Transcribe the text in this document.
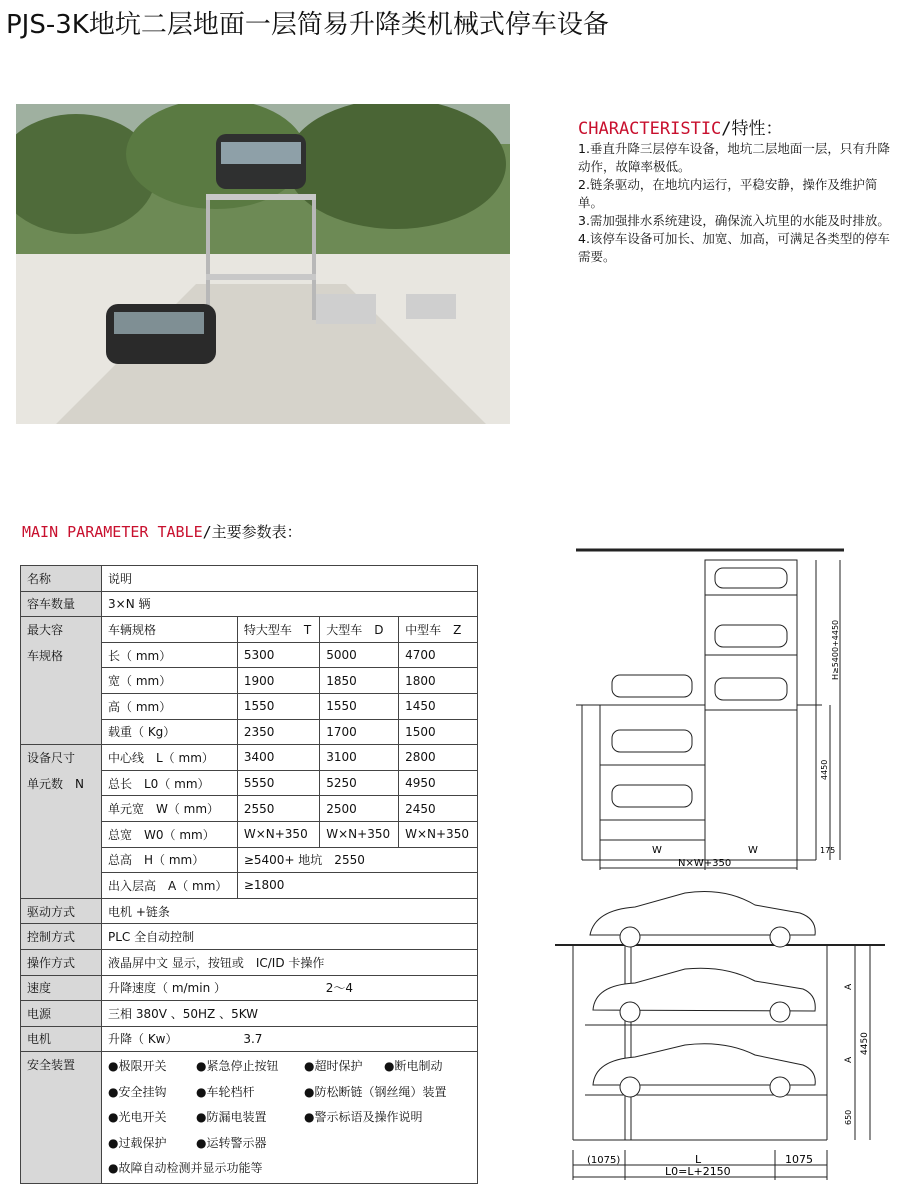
PJS-3K地坑二层地面一层简易升降类机械式停车设备
CHARACTERISTIC/特性：

1.垂直升降三层停车设备，地坑二层地面一层，只有升降动作，故障率极低。

2.链条驱动，在地坑内运行，平稳安静，操作及维护简单。

3.需加强排水系统建设，确保流入坑里的水能及时排放。

4.该停车设备可加长、加宽、加高，可满足各类型的停车需要。

MAIN PARAMETER TABLE/主要参数表：
名称	说明			
容车数量	3×N 辆			
最大容	车辆规格	特大型车　T	大型车　D	中型车　Z
车规格	长（ mm）	5300	5000	4700
	宽（ mm）	1900	1850	1800
	高（ mm）	1550	1550	1450
	载重（ Kg）	2350	1700	1500
设备尺寸	中心线　L（ mm）	3400	3100	2800
单元数　N	总长　L0（ mm）	5550	5250	4950
	单元宽　W（ mm）	2550	2500	2450
	总宽　W0（ mm）	W×N+350	W×N+350	W×N+350
	总高　H（ mm）	≥5400+ 地坑　2550		
	出入层高　A（ mm）	≥1800		
驱动方式	电机 +链条			
控制方式	PLC 全自动控制			
操作方式	液晶屏中文 显示，按钮或　IC/ID 卡操作			
速度	升降速度（ m/min ）		2～4	
电源	三相 380V 、50HZ 、5KW			
电机	升降（ Kw）	3.7		
安全装置	●极限开关 ●紧急停止按钮 ●超时保护 ●断电制动
●安全挂钩 ●车轮档杆 ●防松断链（钢丝绳）装置
●光电开关 ●防漏电装置 ●警示标语及操作说明
●过载保护 ●运转警示器
●故障自动检测并显示功能等			
W	W
N×W+350
175
4450
H≥5400+4450
(1075)	L	1075
L0=L+2150
A
A
650
4450
